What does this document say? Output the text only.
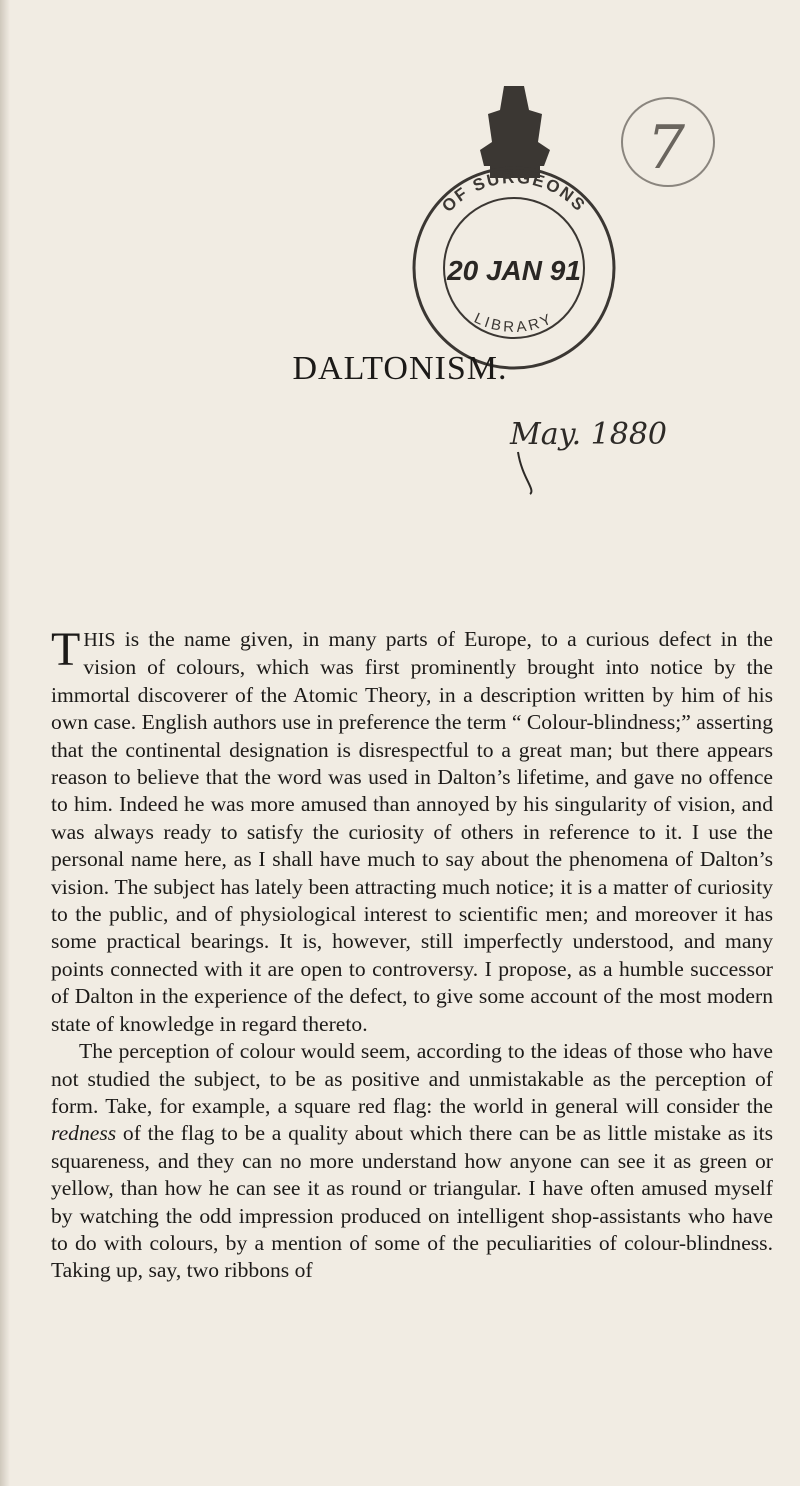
OF SURGEONS
LIBRARY
20 JAN 91
7
DALTONISM.
May. 1880

THIS is the name given, in many parts of Europe, to a curious defect in the vision of colours, which was first prominently brought into notice by the immortal discoverer of the Atomic Theory, in a description written by him of his own case. English authors use in preference the term “ Colour-blindness;” asserting that the continental designation is disrespectful to a great man; but there appears reason to believe that the word was used in Dalton’s lifetime, and gave no offence to him. Indeed he was more amused than annoyed by his singularity of vision, and was always ready to satisfy the curiosity of others in reference to it. I use the personal name here, as I shall have much to say about the phenomena of Dalton’s vision. The subject has lately been attracting much notice; it is a matter of curiosity to the public, and of physiological interest to scientific men; and moreover it has some practical bearings. It is, however, still imperfectly understood, and many points connected with it are open to controversy. I propose, as a humble successor of Dalton in the experience of the defect, to give some account of the most modern state of knowledge in regard thereto.

The perception of colour would seem, according to the ideas of those who have not studied the subject, to be as positive and unmistakable as the perception of form. Take, for example, a square red flag: the world in general will consider the redness of the flag to be a quality about which there can be as little mistake as its squareness, and they can no more understand how anyone can see it as green or yellow, than how he can see it as round or triangular. I have often amused myself by watching the odd impression produced on intelligent shop-assistants who have to do with colours, by a mention of some of the peculiarities of colour-blindness. Taking up, say, two ribbons of
